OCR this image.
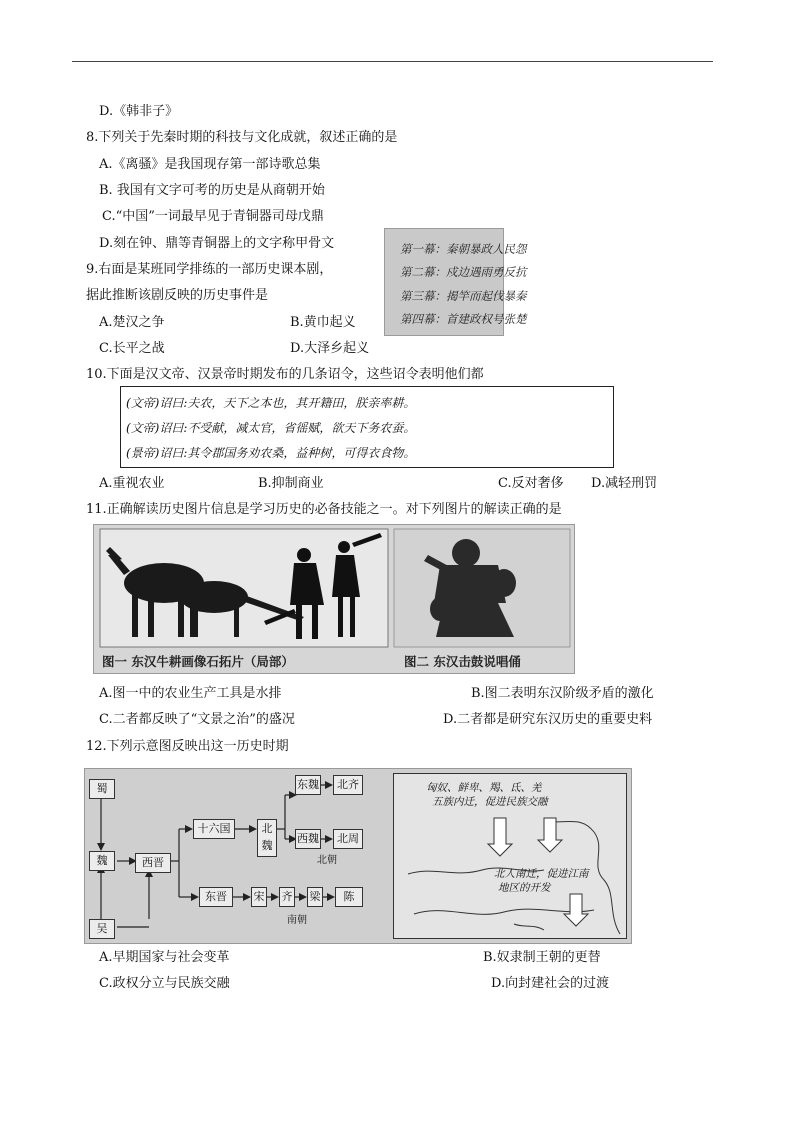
D.《韩非子》
8.下列关于先秦时期的科技与文化成就，叙述正确的是
A.《离骚》是我国现存第一部诗歌总集
B. 我国有文字可考的历史是从商朝开始
C.“中国”一词最早见于青铜器司母戊鼎
D.刻在钟、鼎等青铜器上的文字称甲骨文	第一幕：秦朝暴政人民怨
第二幕：戍边遇雨勇反抗
第三幕：揭竿而起伐暴秦
第四幕：首建政权号张楚
9.右面是某班同学排练的一部历史课本剧，
据此推断该剧反映的历史事件是
A.楚汉之争	B.黄巾起义
C.长平之战	D.大泽乡起义
10.下面是汉文帝、汉景帝时期发布的几条诏令，这些诏令表明他们都
(文帝)诏曰:夫农，天下之本也，其开籍田，朕亲率耕。
(文帝)诏曰:不受献，减太官，省徭赋，欲天下务农蚕。
(景帝)诏曰:其令郡国务劝农桑，益种树，可得衣食物。
A.重视农业	B.抑制商业	C.反对奢侈 D.减轻刑罚
11.正确解读历史图片信息是学习历史的必备技能之一。对下列图片的解读正确的是
图一 东汉牛耕画像石拓片（局部）	图二 东汉击鼓说唱俑
A.图一中的农业生产工具是水排	B.图二表明东汉阶级矛盾的激化
C.二者都反映了“文景之治”的盛况	D.二者都是研究东汉历史的重要史料
12.下列示意图反映出这一历史时期
蜀
魏
吴
西晋
十六国	北魏
东魏	北齐
西魏	北周
北朝
东晋	宋 齐 梁	陈
南朝
匈奴、鲜卑、羯、氐、羌
五族内迁，促进民族交融
北人南迁，促进江南
地区的开发
A.早期国家与社会变革	B.奴隶制王朝的更替
C.政权分立与民族交融	D.向封建社会的过渡
